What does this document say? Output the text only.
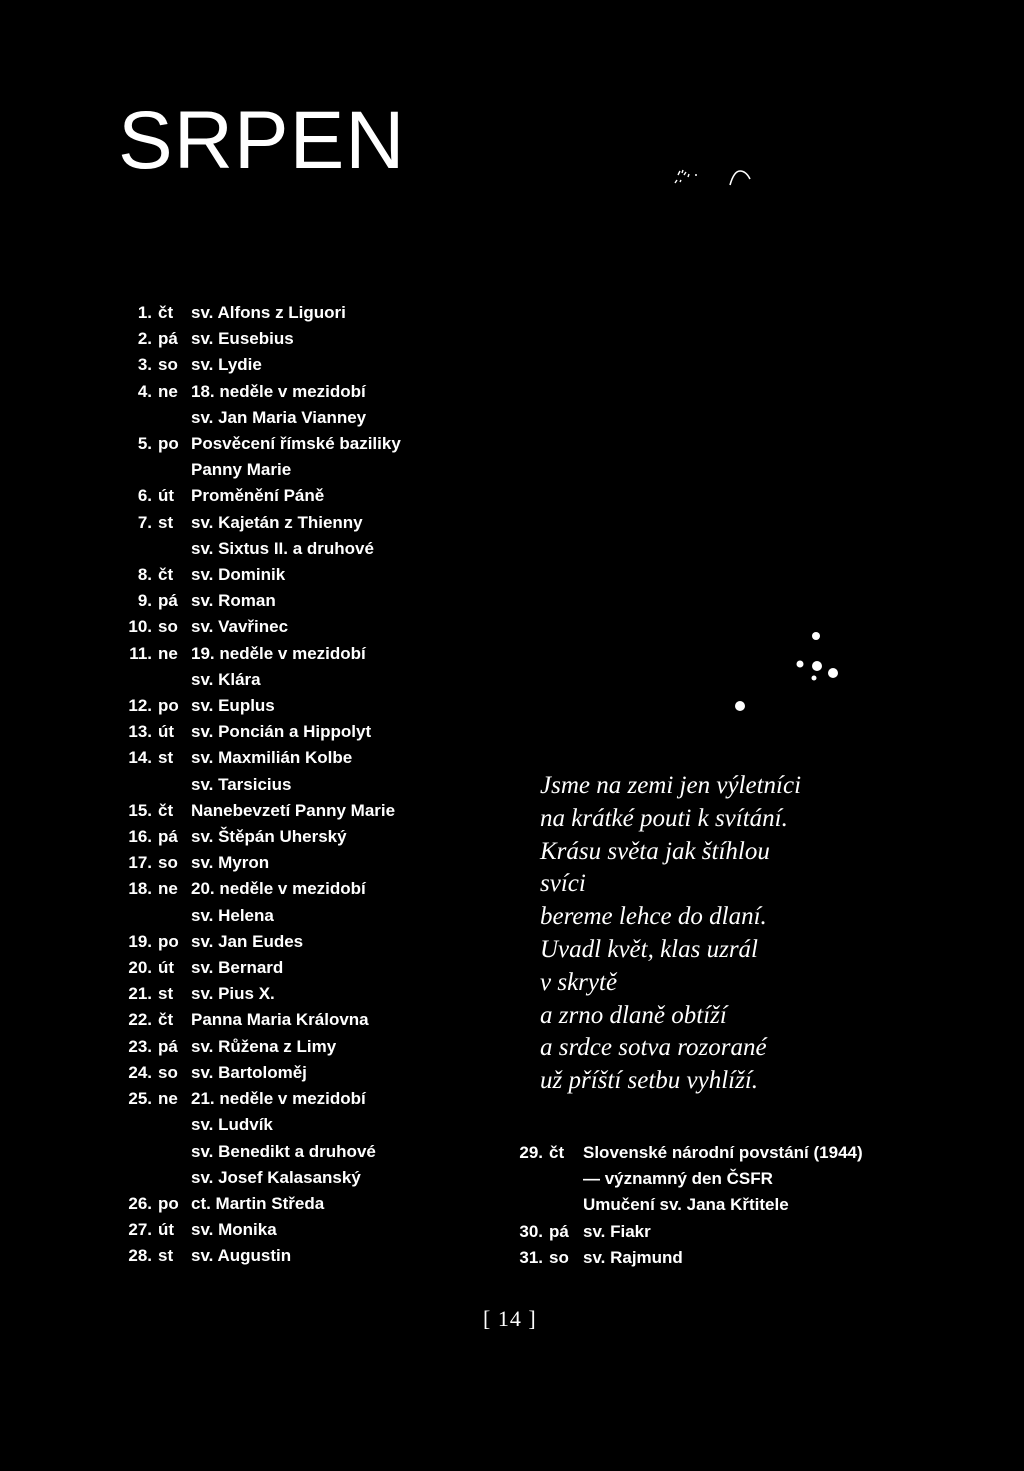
SRPEN
1. čt sv. Alfons z Liguori
2. pá sv. Eusebius
3. so sv. Lydie
4. ne 18. neděle v mezidobí
sv. Jan Maria Vianney
5. po Posvěcení římské baziliky
Panny Marie
6. út Proměnění Páně
7. st sv. Kajetán z Thienny
sv. Sixtus II. a druhové
8. čt sv. Dominik
9. pá sv. Roman
10. so sv. Vavřinec
11. ne 19. neděle v mezidobí
sv. Klára
12. po sv. Euplus
13. út sv. Poncián a Hippolyt
14. st sv. Maxmilián Kolbe
sv. Tarsicius
15. čt Nanebevzetí Panny Marie
16. pá sv. Štěpán Uherský
17. so sv. Myron
18. ne 20. neděle v mezidobí
sv. Helena
19. po sv. Jan Eudes
20. út sv. Bernard
21. st sv. Pius X.
22. čt Panna Maria Královna
23. pá sv. Růžena z Limy
24. so sv. Bartoloměj
25. ne 21. neděle v mezidobí
sv. Ludvík
sv. Benedikt a druhové
sv. Josef Kalasanský
26. po ct. Martin Středa
27. út sv. Monika
28. st sv. Augustin
Jsme na zemi jen výletníci
na krátké pouti k svítání.
Krásu světa jak štíhlou
svíci
bereme lehce do dlaní.
Uvadl květ, klas uzrál
v skrytě
a zrno dlaně obtíží
a srdce sotva rozorané
už příští setbu vyhlíží.
29. čt Slovenské národní povstání (1944)
— významný den ČSFR
Umučení sv. Jana Křtitele
30. pá sv. Fiakr
31. so sv. Rajmund
[ 14 ]
